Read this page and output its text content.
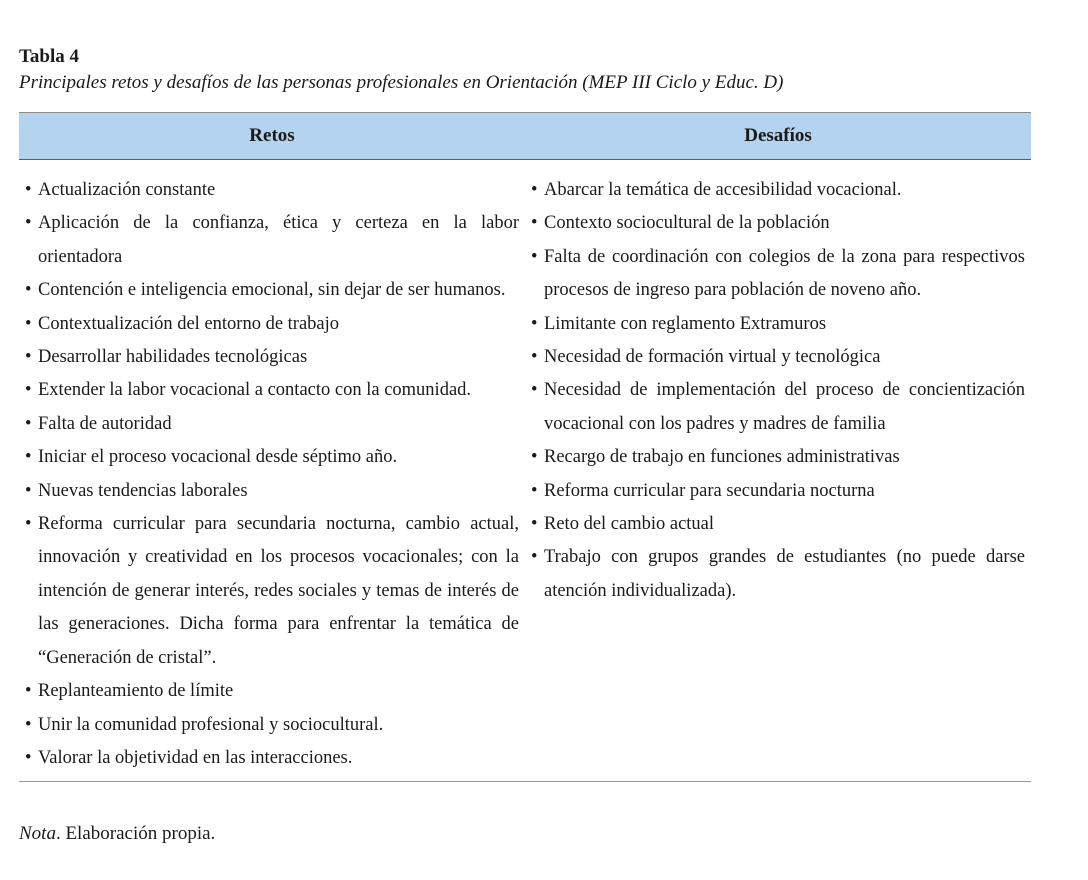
Tabla 4
Principales retos y desafíos de las personas profesionales en Orientación (MEP III Ciclo y Educ. D)
Retos	Desafíos
• Actualización constante
• Aplicación de la confianza, ética y certeza en la labor orientadora
• Contención e inteligencia emocional, sin dejar de ser humanos.
• Contextualización del entorno de trabajo
• Desarrollar habilidades tecnológicas
• Extender la labor vocacional a contacto con la comunidad.
• Falta de autoridad
• Iniciar el proceso vocacional desde séptimo año.
• Nuevas tendencias laborales
• Reforma curricular para secundaria nocturna, cambio actual, innovación y creatividad en los procesos vocacionales; con la intención de generar interés, redes sociales y temas de interés de las generaciones. Dicha forma para enfrentar la temática de “Generación de cristal”.
• Replanteamiento de límite
• Unir la comunidad profesional y sociocultural.
• Valorar la objetividad en las interacciones.
• Abarcar la temática de accesibilidad vocacional.
• Contexto sociocultural de la población
• Falta de coordinación con colegios de la zona para respectivos procesos de ingreso para población de noveno año.
• Limitante con reglamento Extramuros
• Necesidad de formación virtual y tecnológica
• Necesidad de implementación del proceso de concientización vocacional con los padres y madres de familia
• Recargo de trabajo en funciones administrativas
• Reforma curricular para secundaria nocturna
• Reto del cambio actual
• Trabajo con grupos grandes de estudiantes (no puede darse atención individualizada).
Nota. Elaboración propia.
